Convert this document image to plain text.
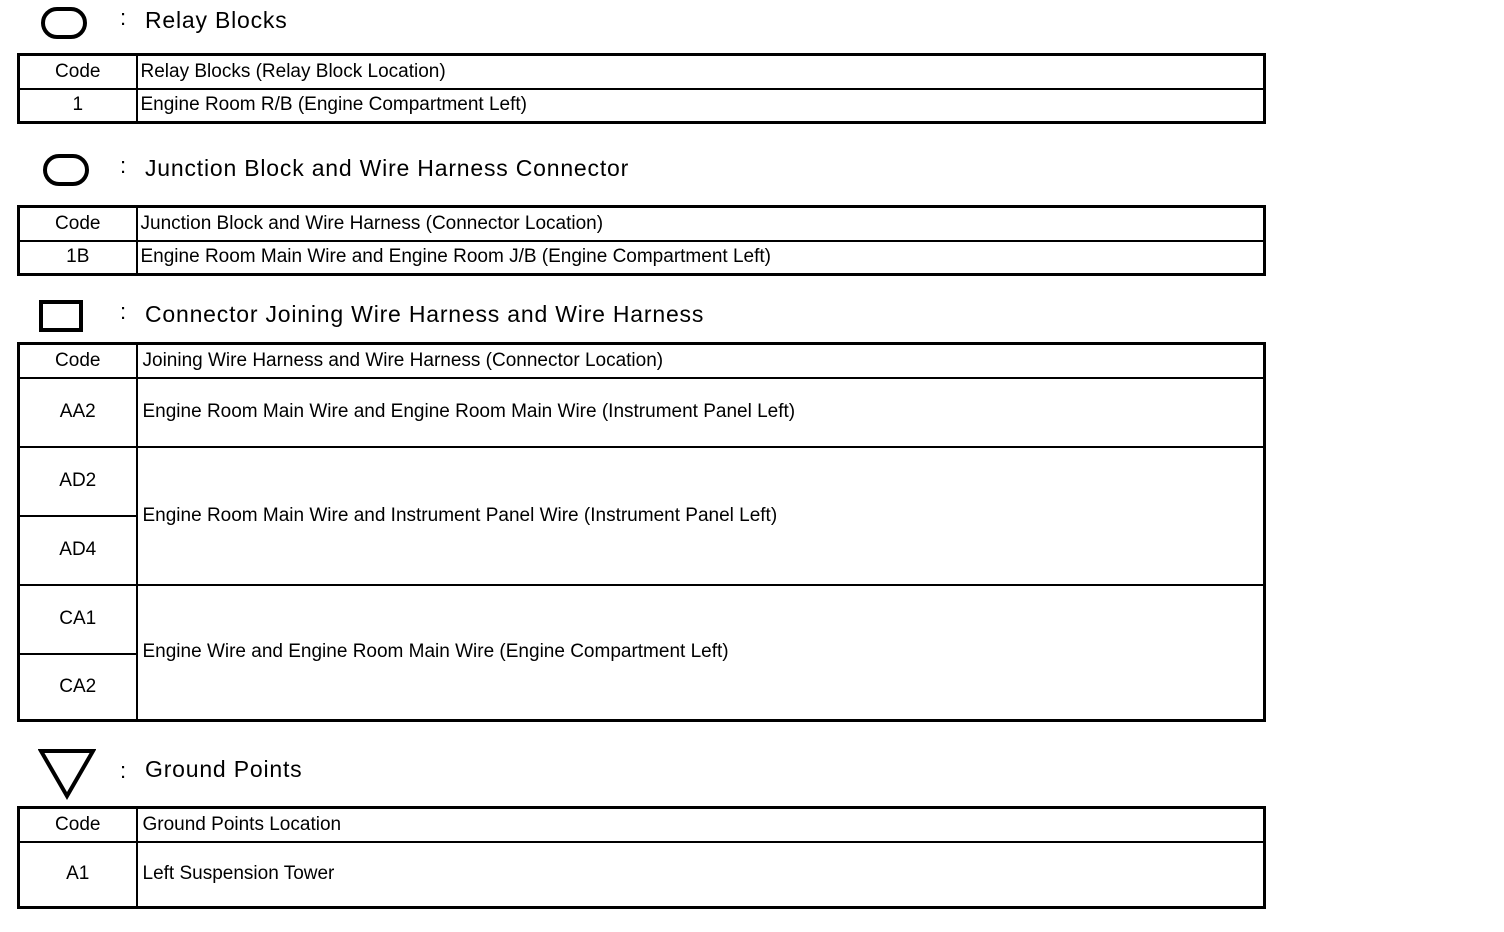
: Relay Blocks
Code	Relay Blocks (Relay Block Location)
1	Engine Room R/B (Engine Compartment Left)
: Junction Block and Wire Harness Connector
Code	Junction Block and Wire Harness (Connector Location)
1B	Engine Room Main Wire and Engine Room J/B (Engine Compartment Left)
: Connector Joining Wire Harness and Wire Harness
Code	Joining Wire Harness and Wire Harness (Connector Location)
AA2	Engine Room Main Wire and Engine Room Main Wire (Instrument Panel Left)
AD2	Engine Room Main Wire and Instrument Panel Wire (Instrument Panel Left)
AD4	
CA1	Engine Wire and Engine Room Main Wire (Engine Compartment Left)
CA2	
: Ground Points
Code	Ground Points Location
A1	Left Suspension Tower
